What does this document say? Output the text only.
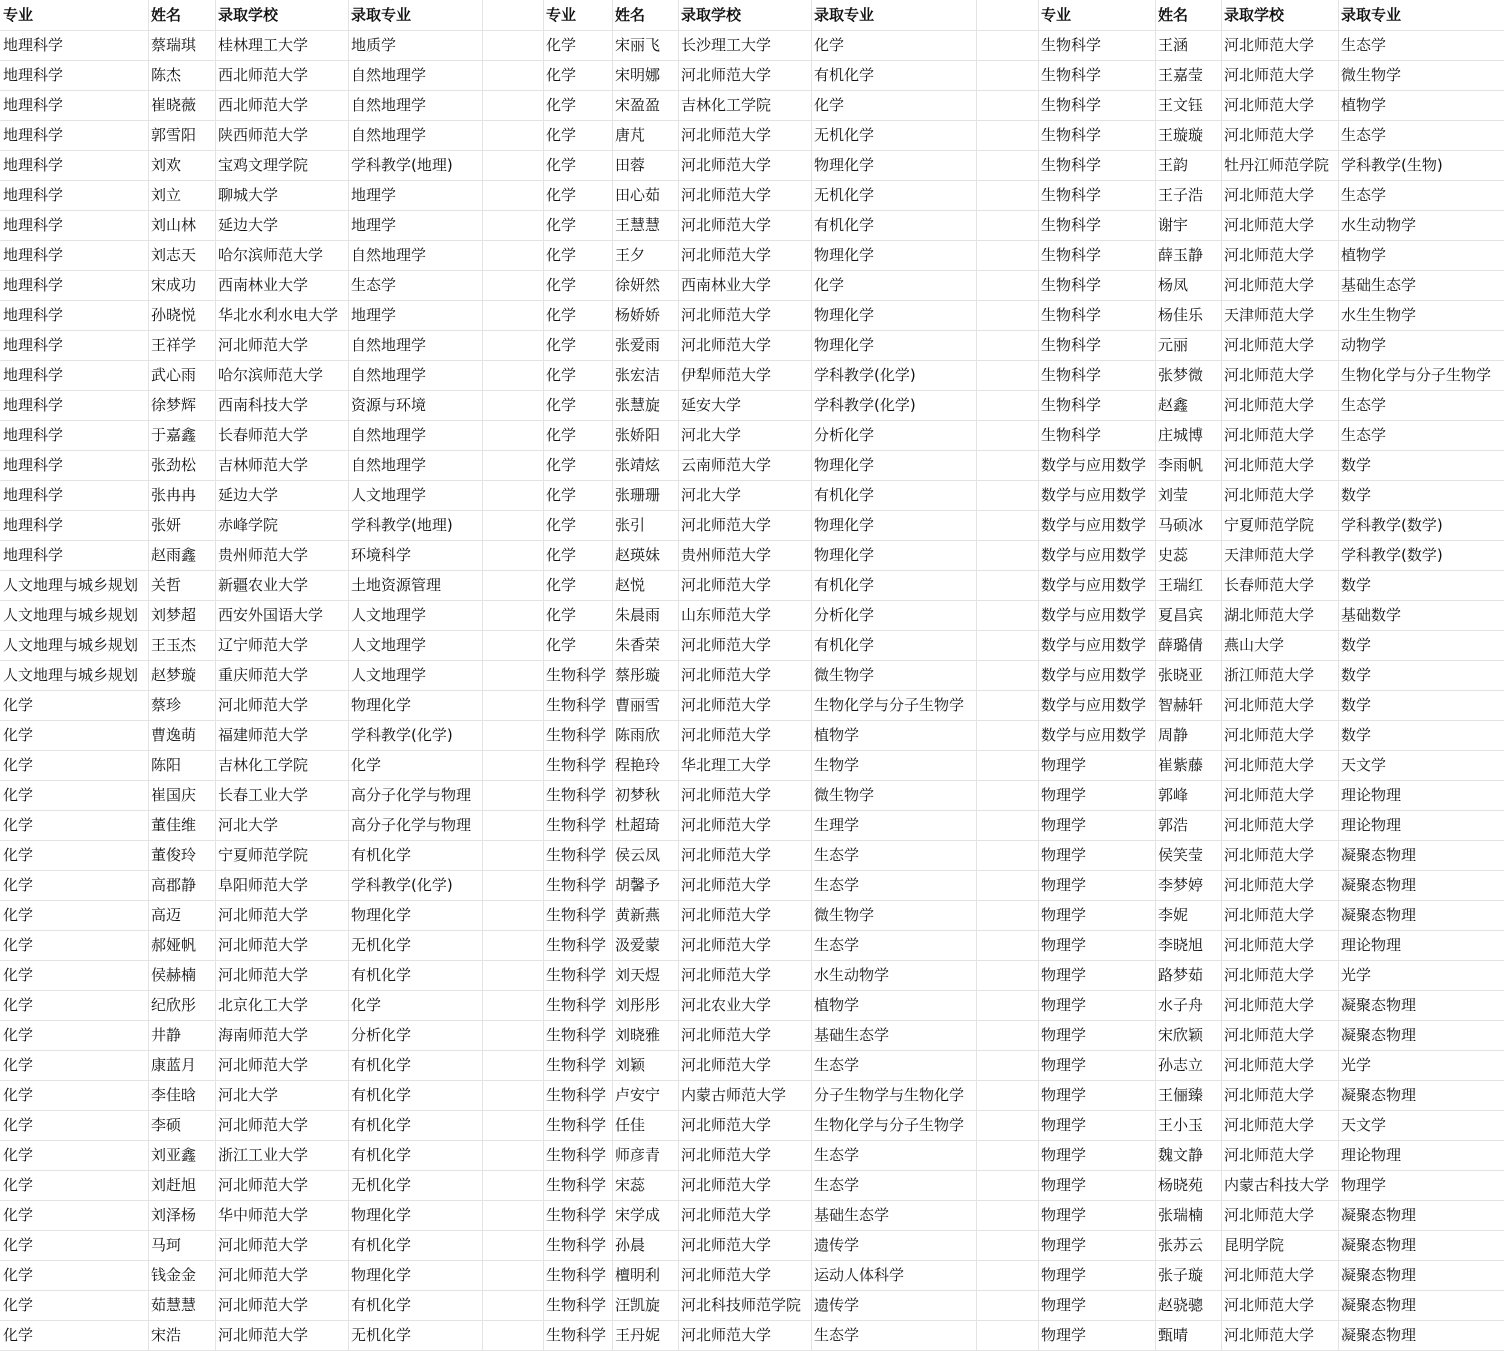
专业	姓名 录取学校	录取专业
地理科学	蔡瑞琪 桂林理工大学	地质学
地理科学	陈杰 西北师范大学	自然地理学
地理科学	崔晓薇 西北师范大学	自然地理学
地理科学	郭雪阳 陕西师范大学	自然地理学
地理科学	刘欢 宝鸡文理学院	学科教学(地理)
地理科学	刘立 聊城大学	地理学
地理科学	刘山林 延边大学	地理学
地理科学	刘志天 哈尔滨师范大学 自然地理学
地理科学	宋成功 西南林业大学	生态学
地理科学	孙晓悦 华北水利水电大学 地理学
地理科学	王祥学 河北师范大学	自然地理学
地理科学	武心雨 哈尔滨师范大学 自然地理学
地理科学	徐梦辉 西南科技大学	资源与环境
地理科学	于嘉鑫 长春师范大学	自然地理学
地理科学	张劲松 吉林师范大学	自然地理学
地理科学	张冉冉 延边大学	人文地理学
地理科学	张妍 赤峰学院	学科教学(地理)
地理科学	赵雨鑫 贵州师范大学	环境科学
人文地理与城乡规划 关哲 新疆农业大学	土地资源管理
人文地理与城乡规划 刘梦超 西安外国语大学 人文地理学
人文地理与城乡规划 王玉杰 辽宁师范大学	人文地理学
人文地理与城乡规划 赵梦璇 重庆师范大学	人文地理学
化学	蔡珍 河北师范大学	物理化学
化学	曹逸萌 福建师范大学	学科教学(化学)
化学	陈阳 吉林化工学院	化学
化学	崔国庆 长春工业大学	高分子化学与物理
化学	董佳维 河北大学	高分子化学与物理
化学	董俊玲 宁夏师范学院	有机化学
化学	高郡静 阜阳师范大学	学科教学(化学)
化学	高迈 河北师范大学	物理化学
化学	郝娅帆 河北师范大学	无机化学
化学	侯赫楠 河北师范大学	有机化学
化学	纪欣彤 北京化工大学	化学
化学	井静 海南师范大学	分析化学
化学	康蓝月 河北师范大学	有机化学
化学	李佳晗 河北大学	有机化学
化学	李硕 河北师范大学	有机化学
化学	刘亚鑫 浙江工业大学	有机化学
化学	刘赶旭 河北师范大学	无机化学
化学	刘泽杨 华中师范大学	物理化学
化学	马珂 河北师范大学	有机化学
化学	钱金金 河北师范大学	物理化学
化学	茹慧慧 河北师范大学	有机化学
化学	宋浩 河北师范大学	无机化学
专业	姓名 录取学校	录取专业
化学	宋丽飞 长沙理工大学	化学
化学	宋明娜 河北师范大学	有机化学
化学	宋盈盈 吉林化工学院	化学
化学	唐芃 河北师范大学	无机化学
化学	田蓉 河北师范大学	物理化学
化学	田心茹 河北师范大学	无机化学
化学	王慧慧 河北师范大学	有机化学
化学	王夕 河北师范大学	物理化学
化学	徐妍然 西南林业大学	化学
化学	杨娇娇 河北师范大学	物理化学
化学	张爱雨 河北师范大学	物理化学
化学	张宏洁 伊犁师范大学	学科教学(化学)
化学	张慧旋 延安大学	学科教学(化学)
化学	张娇阳 河北大学	分析化学
化学	张靖炫 云南师范大学	物理化学
化学	张珊珊 河北大学	有机化学
化学	张引 河北师范大学	物理化学
化学	赵瑛妹 贵州师范大学	物理化学
化学	赵悦 河北师范大学	有机化学
化学	朱晨雨 山东师范大学	分析化学
化学	朱香荣 河北师范大学	有机化学
生物科学 蔡彤璇 河北师范大学	微生物学
生物科学 曹丽雪 河北师范大学	生物化学与分子生物学
生物科学 陈雨欣 河北师范大学	植物学
生物科学 程艳玲 华北理工大学	生物学
生物科学 初梦秋 河北师范大学	微生物学
生物科学 杜超琦 河北师范大学	生理学
生物科学 侯云凤 河北师范大学	生态学
生物科学 胡馨予 河北师范大学	生态学
生物科学 黄新燕 河北师范大学	微生物学
生物科学 汲爱蒙 河北师范大学	生态学
生物科学 刘天煜 河北师范大学	水生动物学
生物科学 刘彤彤 河北农业大学	植物学
生物科学 刘晓雅 河北师范大学	基础生态学
生物科学 刘颖 河北师范大学	生态学
生物科学 卢安宁 内蒙古师范大学 分子生物学与生物化学
生物科学 任佳 河北师范大学	生物化学与分子生物学
生物科学 师彦青 河北师范大学	生态学
生物科学 宋蕊 河北师范大学	生态学
生物科学 宋学成 河北师范大学	基础生态学
生物科学 孙晨 河北师范大学	遗传学
生物科学 檀明利 河北师范大学	运动人体科学
生物科学 汪凯旋 河北科技师范学院 遗传学
生物科学 王丹妮 河北师范大学	生态学
专业	姓名 录取学校	录取专业
生物科学	王涵 河北师范大学 生态学
生物科学	王嘉莹 河北师范大学 微生物学
生物科学	王文钰 河北师范大学 植物学
生物科学	王璇璇 河北师范大学 生态学
生物科学	王韵 牡丹江师范学院 学科教学(生物)
生物科学	王子浩 河北师范大学 生态学
生物科学	谢宇 河北师范大学 水生动物学
生物科学	薛玉静 河北师范大学 植物学
生物科学	杨凤 河北师范大学 基础生态学
生物科学	杨佳乐 天津师范大学 水生生物学
生物科学	元丽 河北师范大学 动物学
生物科学	张梦微 河北师范大学 生物化学与分子生物学
生物科学	赵鑫 河北师范大学 生态学
生物科学	庄城博 河北师范大学 生态学
数学与应用数学 李雨帆 河北师范大学 数学
数学与应用数学 刘莹 河北师范大学 数学
数学与应用数学 马硕冰 宁夏师范学院 学科教学(数学)
数学与应用数学 史蕊 天津师范大学 学科教学(数学)
数学与应用数学 王瑞红 长春师范大学 数学
数学与应用数学 夏昌宾 湖北师范大学 基础数学
数学与应用数学 薛璐倩 燕山大学	数学
数学与应用数学 张晓亚 浙江师范大学 数学
数学与应用数学 智赫轩 河北师范大学 数学
数学与应用数学 周静 河北师范大学 数学
物理学	崔紫藤 河北师范大学 天文学
物理学	郭峰 河北师范大学 理论物理
物理学	郭浩 河北师范大学 理论物理
物理学	侯笑莹 河北师范大学 凝聚态物理
物理学	李梦婷 河北师范大学 凝聚态物理
物理学	李妮 河北师范大学 凝聚态物理
物理学	李晓旭 河北师范大学 理论物理
物理学	路梦茹 河北师范大学 光学
物理学	水子舟 河北师范大学 凝聚态物理
物理学	宋欣颖 河北师范大学 凝聚态物理
物理学	孙志立 河北师范大学 光学
物理学	王俪臻 河北师范大学 凝聚态物理
物理学	王小玉 河北师范大学 天文学
物理学	魏文静 河北师范大学 理论物理
物理学	杨晓苑 内蒙古科技大学 物理学
物理学	张瑞楠 河北师范大学 凝聚态物理
物理学	张苏云 昆明学院	凝聚态物理
物理学	张子璇 河北师范大学 凝聚态物理
物理学	赵骁骢 河北师范大学 凝聚态物理
物理学	甄晴 河北师范大学 凝聚态物理
